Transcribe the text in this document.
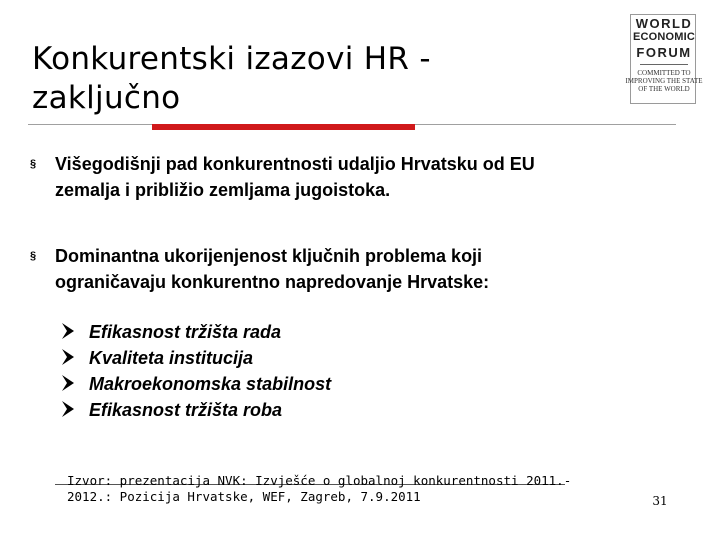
Konkurentski izazovi HR -
zaključno
WORLD
ECONOMIC
FORUM
COMMITTED TO
IMPROVING THE STATE
OF THE WORLD
§ Višegodišnji pad konkurentnosti udaljio Hrvatsku od EU
zemalja i približio zemljama jugoistoka.
§ Dominantna ukorijenjenost ključnih problema koji
ograničavaju konkurentno napredovanje Hrvatske:
Efikasnost tržišta rada
Kvaliteta institucija
Makroekonomska stabilnost
Efikasnost tržišta roba
Izvor: prezentacija NVK: Izvješće o globalnoj konkurentnosti 2011.-
2012.: Pozicija Hrvatske, WEF, Zagreb, 7.9.2011	31
